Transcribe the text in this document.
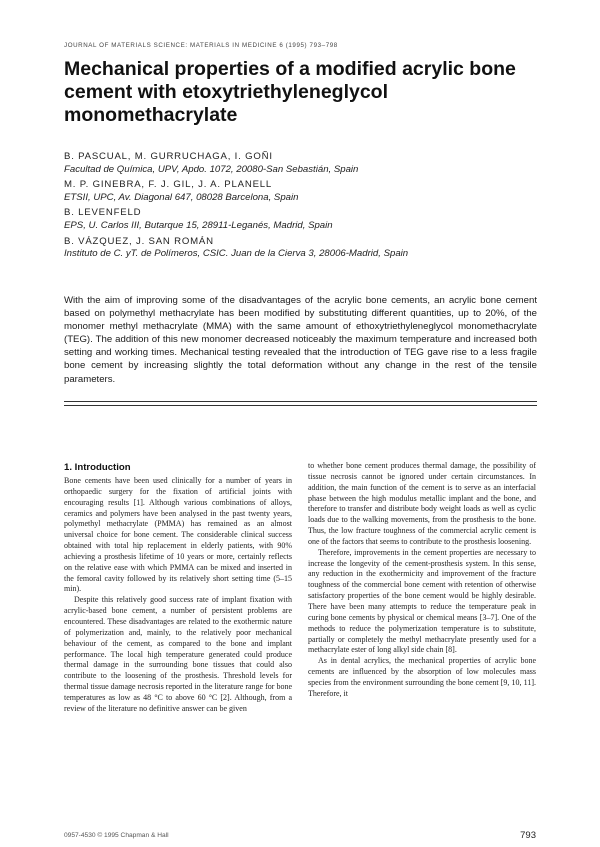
JOURNAL OF MATERIALS SCIENCE: MATERIALS IN MEDICINE 6 (1995) 793–798
Mechanical properties of a modified acrylic bone cement with etoxytriethyleneglycol monomethacrylate
B. PASCUAL, M. GURRUCHAGA, I. GOÑI
Facultad de Química, UPV, Apdo. 1072, 20080-San Sebastián, Spain
M. P. GINEBRA, F. J. GIL, J. A. PLANELL
ETSII, UPC, Av. Diagonal 647, 08028 Barcelona, Spain
B. LEVENFELD
EPS, U. Carlos III, Butarque 15, 28911-Leganés, Madrid, Spain
B. VÁZQUEZ, J. SAN ROMÁN
Instituto de C. yT. de Polímeros, CSIC. Juan de la Cierva 3, 28006-Madrid, Spain

With the aim of improving some of the disadvantages of the acrylic bone cements, an acrylic bone cement based on polymethyl methacrylate has been modified by substituting different quantities, up to 20%, of the monomer methyl methacrylate (MMA) with the same amount of ethoxytriethyleneglycol monomethacrylate (TEG). The addition of this new monomer decreased noticeably the maximum temperature and increased both setting and working times. Mechanical testing revealed that the introduction of TEG gave rise to a less fragile bone cement by increasing slightly the total deformation without any change in the rest of the tensile parameters.

1. Introduction

Bone cements have been used clinically for a number of years in orthopaedic surgery for the fixation of artificial joints with encouraging results [1]. Although various combinations of alloys, ceramics and polymers have been analysed in the past twenty years, polymethyl methacrylate (PMMA) has remained as an almost universal choice for bone cement. The considerable clinical success obtained with total hip replacement in elderly patients, with 90% achieving a prosthesis lifetime of 10 years or more, certainly reflects on the relative ease with which PMMA can be mixed and inserted in the femoral cavity followed by its relatively short setting time (5–15 min).

Despite this relatively good success rate of implant fixation with acrylic-based bone cement, a number of persistent problems are encountered. These disadvantages are related to the exothermic nature of polymerization and, mainly, to the relatively poor mechanical behaviour of the cement, as compared to the bone and implant performance. The local high temperature generated could produce thermal damage in the surrounding bone tissues that could also contribute to the loosening of the prosthesis. Threshold levels for thermal tissue damage necrosis reported in the literature range for bone temperatures as low as 48 °C to above 60 °C [2]. Although, from a review of the literature no definitive answer can be given

to whether bone cement produces thermal damage, the possibility of tissue necrosis cannot be ignored under certain circumstances. In addition, the main function of the cement is to serve as an interfacial phase between the high modulus metallic implant and the bone, and therefore to transfer and distribute body weight loads as well as cyclic loads due to the walking movements, from the prosthesis to the bone. Thus, the low fracture toughness of the commercial acrylic cement is one of the factors that seems to contribute to the prosthesis loosening.

Therefore, improvements in the cement properties are necessary to increase the longevity of the cement-prosthesis system. In this sense, any reduction in the exothermicity and improvement of the fracture toughness of the commercial bone cement with retention of otherwise satisfactory properties of the bone cement would be highly desirable. There have been many attempts to reduce the temperature peak in curing bone cements by physical or chemical means [3–7]. One of the methods to reduce the polymerization temperature is to substitute, partially or completely the methyl methacrylate presently used for a methacrylate ester of long alkyl side chain [8].

As in dental acrylics, the mechanical properties of acrylic bone cements are influenced by the absorption of low molecules mass species from the environment surrounding the bone cement [9, 10, 11]. Therefore, it

0957-4530 © 1995 Chapman & Hall	793
